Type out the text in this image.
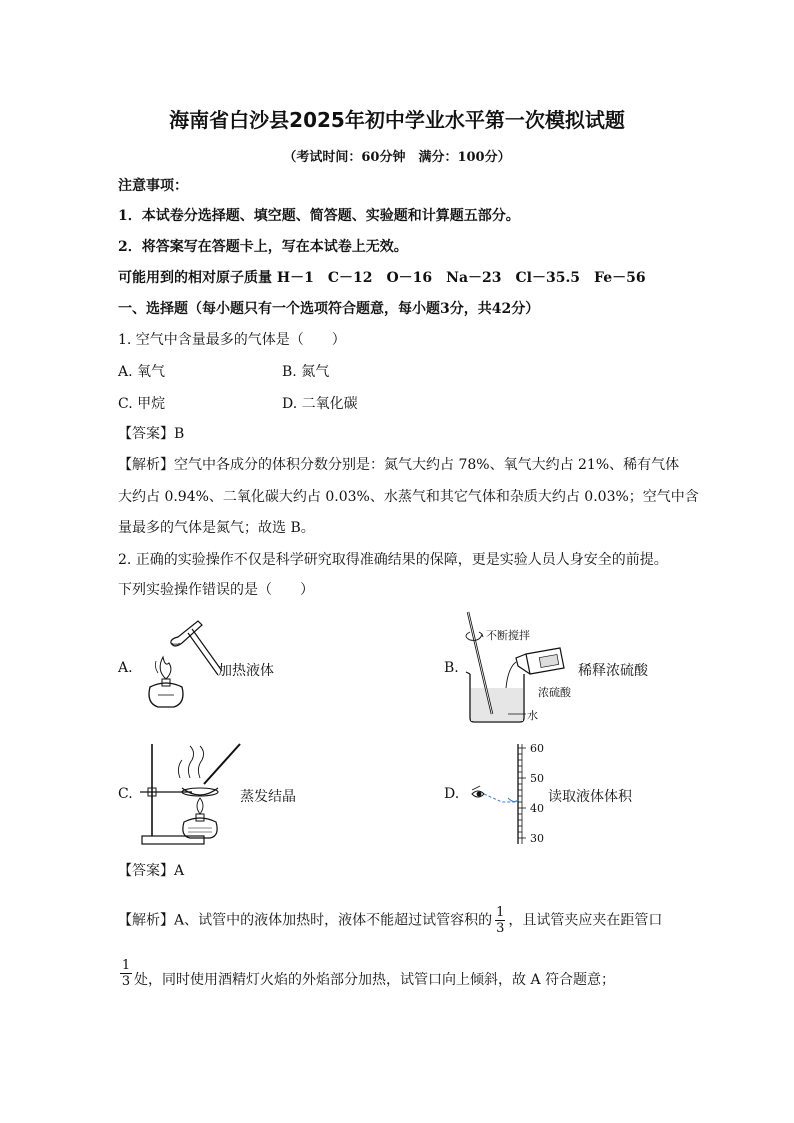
海南省白沙县2025年初中学业水平第一次模拟试题
（考试时间：60分钟　满分：100分）
注意事项：
1．本试卷分选择题、填空题、简答题、实验题和计算题五部分。
2．将答案写在答题卡上，写在本试卷上无效。
可能用到的相对原子质量 H－1　C－12　O－16　Na－23　Cl－35.5　Fe－56
一、选择题（每小题只有一个选项符合题意，每小题3分，共42分）
1. 空气中含量最多的气体是（　　）
A. 氧气	B. 氮气
C. 甲烷	D. 二氧化碳
【答案】B
【解析】空气中各成分的体积分数分别是：氮气大约占 78%、氧气大约占 21%、稀有气体
大约占 0.94%、二氧化碳大约占 0.03%、水蒸气和其它气体和杂质大约占 0.03%；空气中含
量最多的气体是氮气；故选 B。
2. 正确的实验操作不仅是科学研究取得准确结果的保障，更是实验人员人身安全的前提。
下列实验操作错误的是（　　）
A.	加热液体	B.
不断搅拌
浓硫酸
水
稀释浓硫酸
C.	蒸发结晶	D.
60
50
40
30
读取液体体积
【答案】A
【解析】A、试管中的液体加热时，液体不能超过试管容积的 $\frac{1}{3}$ ，且试管夹应夹在距管口
$\frac{1}{3}$ 处，同时使用酒精灯火焰的外焰部分加热，试管口向上倾斜，故 A 符合题意；
